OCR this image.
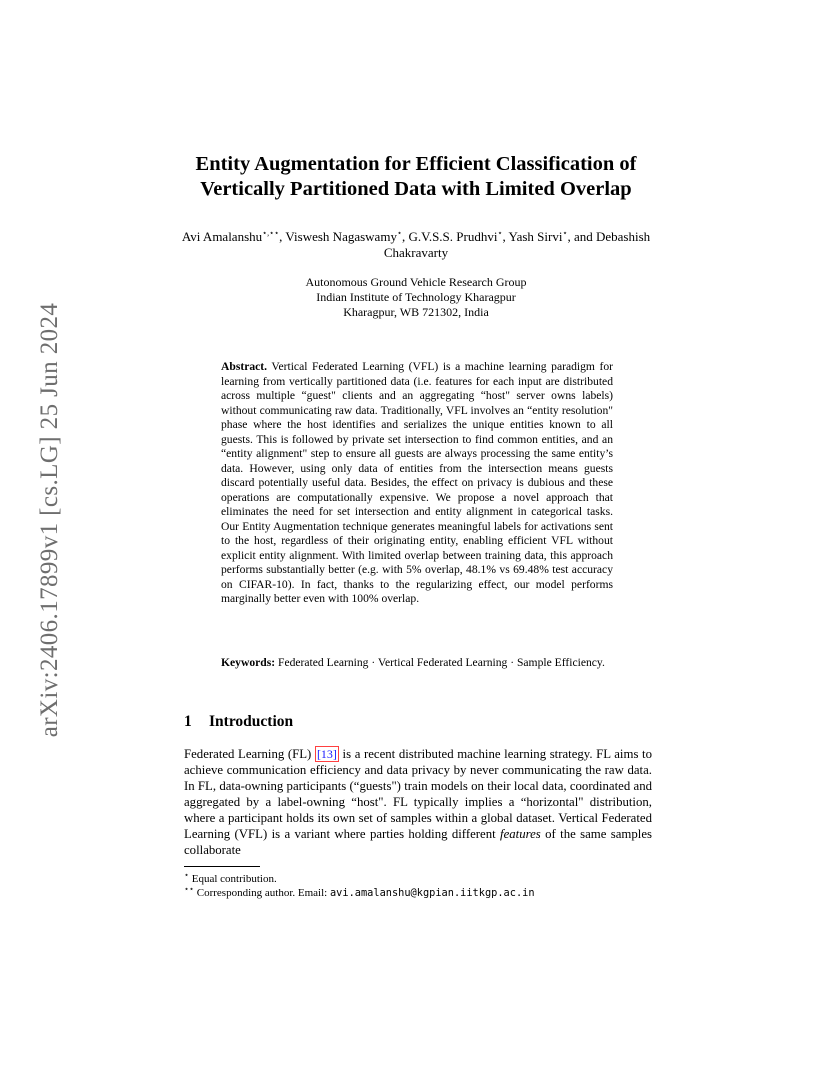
arXiv:2406.17899v1 [cs.LG] 25 Jun 2024
Entity Augmentation for Efficient Classification of
Vertically Partitioned Data with Limited Overlap
Avi Amalanshu⋆,⋆⋆, Viswesh Nagaswamy⋆, G.V.S.S. Prudhvi⋆, Yash Sirvi⋆, and Debashish Chakravarty
Autonomous Ground Vehicle Research Group
Indian Institute of Technology Kharagpur
Kharagpur, WB 721302, India
Abstract. Vertical Federated Learning (VFL) is a machine learning paradigm for learning from vertically partitioned data (i.e. features for each input are distributed across multiple “guest" clients and an aggregating “host" server owns labels) without communicating raw data. Traditionally, VFL involves an “entity resolution" phase where the host identifies and serializes the unique entities known to all guests. This is followed by private set intersection to find common entities, and an “entity alignment" step to ensure all guests are always processing the same entity’s data. However, using only data of entities from the intersection means guests discard potentially useful data. Besides, the effect on privacy is dubious and these operations are computationally expensive. We propose a novel approach that eliminates the need for set intersection and entity alignment in categorical tasks. Our Entity Augmentation technique generates meaningful labels for activations sent to the host, regardless of their originating entity, enabling efficient VFL without explicit entity alignment. With limited overlap between training data, this approach performs substantially better (e.g. with 5% overlap, 48.1% vs 69.48% test accuracy on CIFAR-10). In fact, thanks to the regularizing effect, our model performs marginally better even with 100% overlap.
Keywords: Federated Learning · Vertical Federated Learning · Sample Efficiency.
1 Introduction
Federated Learning (FL) [13] is a recent distributed machine learning strategy. FL aims to achieve communication efficiency and data privacy by never communicating the raw data. In FL, data-owning participants (“guests") train models on their local data, coordinated and aggregated by a label-owning “host". FL typically implies a “horizontal" distribution, where a participant holds its own set of samples within a global dataset. Vertical Federated Learning (VFL) is a variant where parties holding different features of the same samples collaborate
⋆ Equal contribution.
⋆⋆ Corresponding author. Email: avi.amalanshu@kgpian.iitkgp.ac.in
